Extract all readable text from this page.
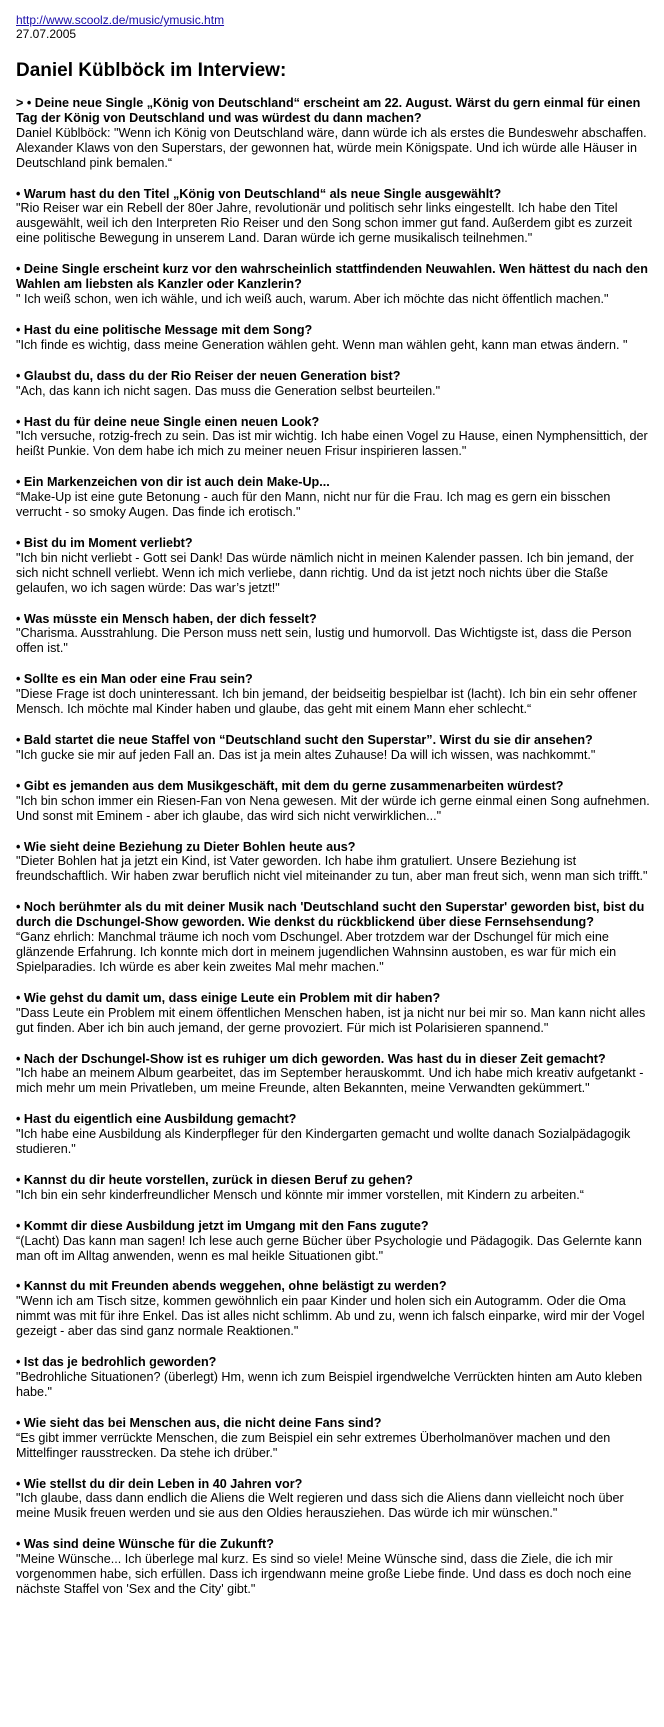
http://www.scoolz.de/music/ymusic.htm

27.07.2005

Daniel Küblböck im Interview:

> • Deine neue Single „König von Deutschland“ erscheint am 22. August. Wärst du gern einmal für einen Tag der König von Deutschland und was würdest du dann machen?

Daniel Küblböck: "Wenn ich König von Deutschland wäre, dann würde ich als erstes die Bundeswehr abschaffen. Alexander Klaws von den Superstars, der gewonnen hat, würde mein Königspate. Und ich würde alle Häuser in Deutschland pink bemalen.“

• Warum hast du den Titel „König von Deutschland“ als neue Single ausgewählt?

"Rio Reiser war ein Rebell der 80er Jahre, revolutionär und politisch sehr links eingestellt. Ich habe den Titel ausgewählt, weil ich den Interpreten Rio Reiser und den Song schon immer gut fand. Außerdem gibt es zurzeit eine politische Bewegung in unserem Land. Daran würde ich gerne musikalisch teilnehmen."

• Deine Single erscheint kurz vor den wahrscheinlich stattfindenden Neuwahlen. Wen hättest du nach den Wahlen am liebsten als Kanzler oder Kanzlerin?

" Ich weiß schon, wen ich wähle, und ich weiß auch, warum. Aber ich möchte das nicht öffentlich machen."

• Hast du eine politische Message mit dem Song?

"Ich finde es wichtig, dass meine Generation wählen geht. Wenn man wählen geht, kann man etwas ändern. "

• Glaubst du, dass du der Rio Reiser der neuen Generation bist?

"Ach, das kann ich nicht sagen. Das muss die Generation selbst beurteilen."

• Hast du für deine neue Single einen neuen Look?

"Ich versuche, rotzig-frech zu sein. Das ist mir wichtig. Ich habe einen Vogel zu Hause, einen Nymphensittich, der heißt Punkie. Von dem habe ich mich zu meiner neuen Frisur inspirieren lassen."

• Ein Markenzeichen von dir ist auch dein Make-Up...

“Make-Up ist eine gute Betonung - auch für den Mann, nicht nur für die Frau. Ich mag es gern ein bisschen verrucht - so smoky Augen. Das finde ich erotisch."

• Bist du im Moment verliebt?

"Ich bin nicht verliebt - Gott sei Dank! Das würde nämlich nicht in meinen Kalender passen. Ich bin jemand, der sich nicht schnell verliebt. Wenn ich mich verliebe, dann richtig. Und da ist jetzt noch nichts über die Staße gelaufen, wo ich sagen würde: Das war’s jetzt!"

• Was müsste ein Mensch haben, der dich fesselt?

"Charisma. Ausstrahlung. Die Person muss nett sein, lustig und humorvoll. Das Wichtigste ist, dass die Person offen ist."

• Sollte es ein Man oder eine Frau sein?

"Diese Frage ist doch uninteressant. Ich bin jemand, der beidseitig bespielbar ist (lacht). Ich bin ein sehr offener Mensch. Ich möchte mal Kinder haben und glaube, das geht mit einem Mann eher schlecht.“

• Bald startet die neue Staffel von “Deutschland sucht den Superstar”. Wirst du sie dir ansehen?

"Ich gucke sie mir auf jeden Fall an. Das ist ja mein altes Zuhause! Da will ich wissen, was nachkommt."

• Gibt es jemanden aus dem Musikgeschäft, mit dem du gerne zusammenarbeiten würdest?

"Ich bin schon immer ein Riesen-Fan von Nena gewesen. Mit der würde ich gerne einmal einen Song aufnehmen. Und sonst mit Eminem - aber ich glaube, das wird sich nicht verwirklichen..."

• Wie sieht deine Beziehung zu Dieter Bohlen heute aus?

"Dieter Bohlen hat ja jetzt ein Kind, ist Vater geworden. Ich habe ihm gratuliert. Unsere Beziehung ist freundschaftlich. Wir haben zwar beruflich nicht viel miteinander zu tun, aber man freut sich, wenn man sich trifft."

• Noch berühmter als du mit deiner Musik nach 'Deutschland sucht den Superstar' geworden bist, bist du durch die Dschungel-Show geworden. Wie denkst du rückblickend über diese Fernsehsendung?

“Ganz ehrlich: Manchmal träume ich noch vom Dschungel. Aber trotzdem war der Dschungel für mich eine glänzende Erfahrung. Ich konnte mich dort in meinem jugendlichen Wahnsinn austoben, es war für mich ein Spielparadies. Ich würde es aber kein zweites Mal mehr machen."

• Wie gehst du damit um, dass einige Leute ein Problem mit dir haben?

"Dass Leute ein Problem mit einem öffentlichen Menschen haben, ist ja nicht nur bei mir so. Man kann nicht alles gut finden. Aber ich bin auch jemand, der gerne provoziert. Für mich ist Polarisieren spannend."

• Nach der Dschungel-Show ist es ruhiger um dich geworden. Was hast du in dieser Zeit gemacht?

"Ich habe an meinem Album gearbeitet, das im September herauskommt. Und ich habe mich kreativ aufgetankt - mich mehr um mein Privatleben, um meine Freunde, alten Bekannten, meine Verwandten gekümmert."

• Hast du eigentlich eine Ausbildung gemacht?

"Ich habe eine Ausbildung als Kinderpfleger für den Kindergarten gemacht und wollte danach Sozialpädagogik studieren."

• Kannst du dir heute vorstellen, zurück in diesen Beruf zu gehen?

"Ich bin ein sehr kinderfreundlicher Mensch und könnte mir immer vorstellen, mit Kindern zu arbeiten.“

• Kommt dir diese Ausbildung jetzt im Umgang mit den Fans zugute?

“(Lacht) Das kann man sagen! Ich lese auch gerne Bücher über Psychologie und Pädagogik. Das Gelernte kann man oft im Alltag anwenden, wenn es mal heikle Situationen gibt."

• Kannst du mit Freunden abends weggehen, ohne belästigt zu werden?

"Wenn ich am Tisch sitze, kommen gewöhnlich ein paar Kinder und holen sich ein Autogramm. Oder die Oma nimmt was mit für ihre Enkel. Das ist alles nicht schlimm. Ab und zu, wenn ich falsch einparke, wird mir der Vogel gezeigt - aber das sind ganz normale Reaktionen."

• Ist das je bedrohlich geworden?

"Bedrohliche Situationen? (überlegt) Hm, wenn ich zum Beispiel irgendwelche Verrückten hinten am Auto kleben habe."

• Wie sieht das bei Menschen aus, die nicht deine Fans sind?

“Es gibt immer verrückte Menschen, die zum Beispiel ein sehr extremes Überholmanöver machen und den Mittelfinger rausstrecken. Da stehe ich drüber."

• Wie stellst du dir dein Leben in 40 Jahren vor?

"Ich glaube, dass dann endlich die Aliens die Welt regieren und dass sich die Aliens dann vielleicht noch über meine Musik freuen werden und sie aus den Oldies herausziehen. Das würde ich mir wünschen."

• Was sind deine Wünsche für die Zukunft?

"Meine Wünsche... Ich überlege mal kurz. Es sind so viele! Meine Wünsche sind, dass die Ziele, die ich mir vorgenommen habe, sich erfüllen. Dass ich irgendwann meine große Liebe finde. Und dass es doch noch eine nächste Staffel von 'Sex and the City' gibt."
